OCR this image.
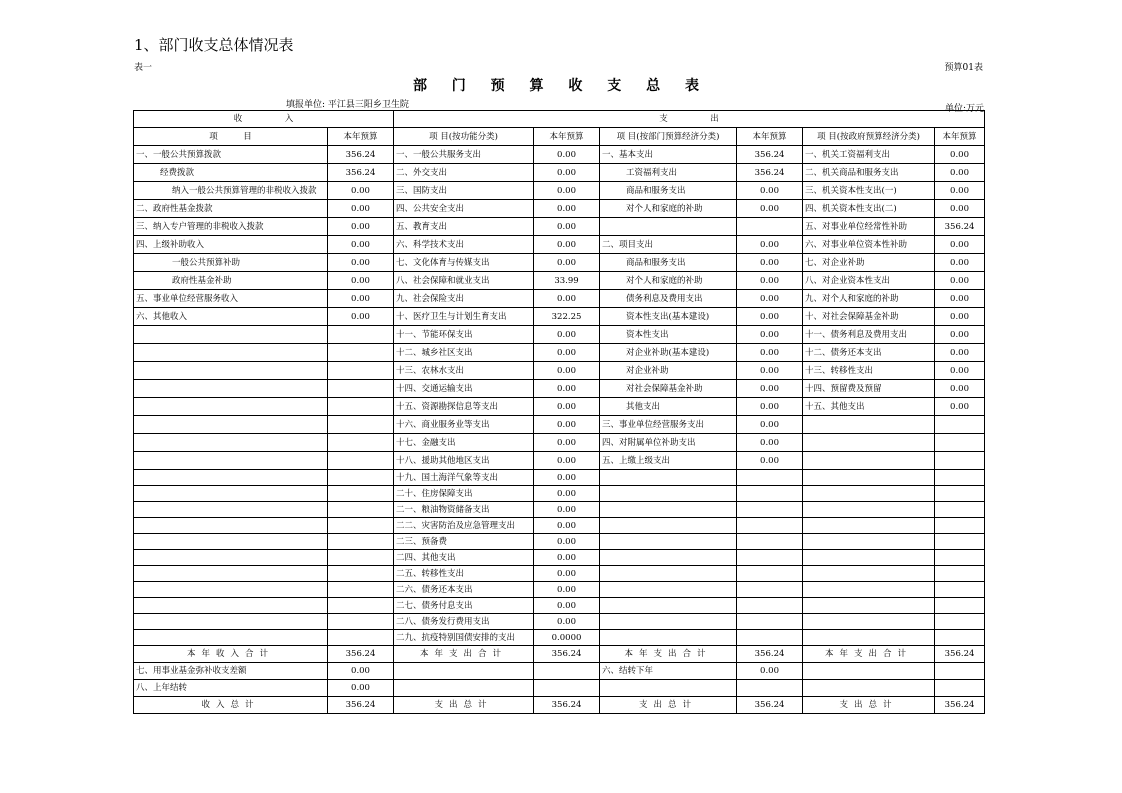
1、部门收支总体情况表
表一	预算01表
部 门 预 算 收 支 总 表
填报单位: 平江县三阳乡卫生院	单位:万元
收　　　　　入		支　　　　　出					
项　　　目	本年预算	项 目(按功能分类)	本年预算	项 目(按部门预算经济分类)	本年预算	项 目(按政府预算经济分类)	本年预算
一、一般公共预算拨款	356.24	一、一般公共服务支出	0.00	一、基本支出	356.24	一、机关工资福利支出	0.00
经费拨款	356.24	二、外交支出	0.00	工资福利支出	356.24	二、机关商品和服务支出	0.00
纳入一般公共预算管理的非税收入拨款	0.00	三、国防支出	0.00	商品和服务支出	0.00	三、机关资本性支出(一)	0.00
二、政府性基金拨款	0.00	四、公共安全支出	0.00	对个人和家庭的补助	0.00	四、机关资本性支出(二)	0.00
三、纳入专户管理的非税收入拨款	0.00	五、教育支出	0.00			五、对事业单位经常性补助	356.24
四、上级补助收入	0.00	六、科学技术支出	0.00	二、项目支出	0.00	六、对事业单位资本性补助	0.00
一般公共预算补助	0.00	七、文化体育与传媒支出	0.00	商品和服务支出	0.00	七、对企业补助	0.00
政府性基金补助	0.00	八、社会保障和就业支出	33.99	对个人和家庭的补助	0.00	八、对企业资本性支出	0.00
五、事业单位经营服务收入	0.00	九、社会保险支出	0.00	债务利息及费用支出	0.00	九、对个人和家庭的补助	0.00
六、其他收入	0.00	十、医疗卫生与计划生育支出	322.25	资本性支出(基本建设)	0.00	十、对社会保障基金补助	0.00
		十一、节能环保支出	0.00	资本性支出	0.00	十一、债务利息及费用支出	0.00
		十二、城乡社区支出	0.00	对企业补助(基本建设)	0.00	十二、债务还本支出	0.00
		十三、农林水支出	0.00	对企业补助	0.00	十三、转移性支出	0.00
		十四、交通运输支出	0.00	对社会保障基金补助	0.00	十四、预留费及预留	0.00
		十五、资源勘探信息等支出	0.00	其他支出	0.00	十五、其他支出	0.00
		十六、商业服务业等支出	0.00	三、事业单位经营服务支出	0.00		
		十七、金融支出	0.00	四、对附属单位补助支出	0.00		
		十八、援助其他地区支出	0.00	五、上缴上级支出	0.00		
		十九、国土海洋气象等支出	0.00				
		二十、住房保障支出	0.00				
		二一、粮油物资储备支出	0.00				
		二二、灾害防治及应急管理支出	0.00				
		二三、预备费	0.00				
		二四、其他支出	0.00				
		二五、转移性支出	0.00				
		二六、债务还本支出	0.00				
		二七、债务付息支出	0.00				
		二八、债务发行费用支出	0.00				
		二九、抗疫特别国债安排的支出	0.0000				
本年收入合计	356.24	本年支出合计	356.24	本年支出合计	356.24	本年支出合计	356.24
七、用事业基金弥补收支差额	0.00			六、结转下年	0.00		
八、上年结转	0.00						
收入总计	356.24	支出总计	356.24	支出总计	356.24	支出总计	356.24
